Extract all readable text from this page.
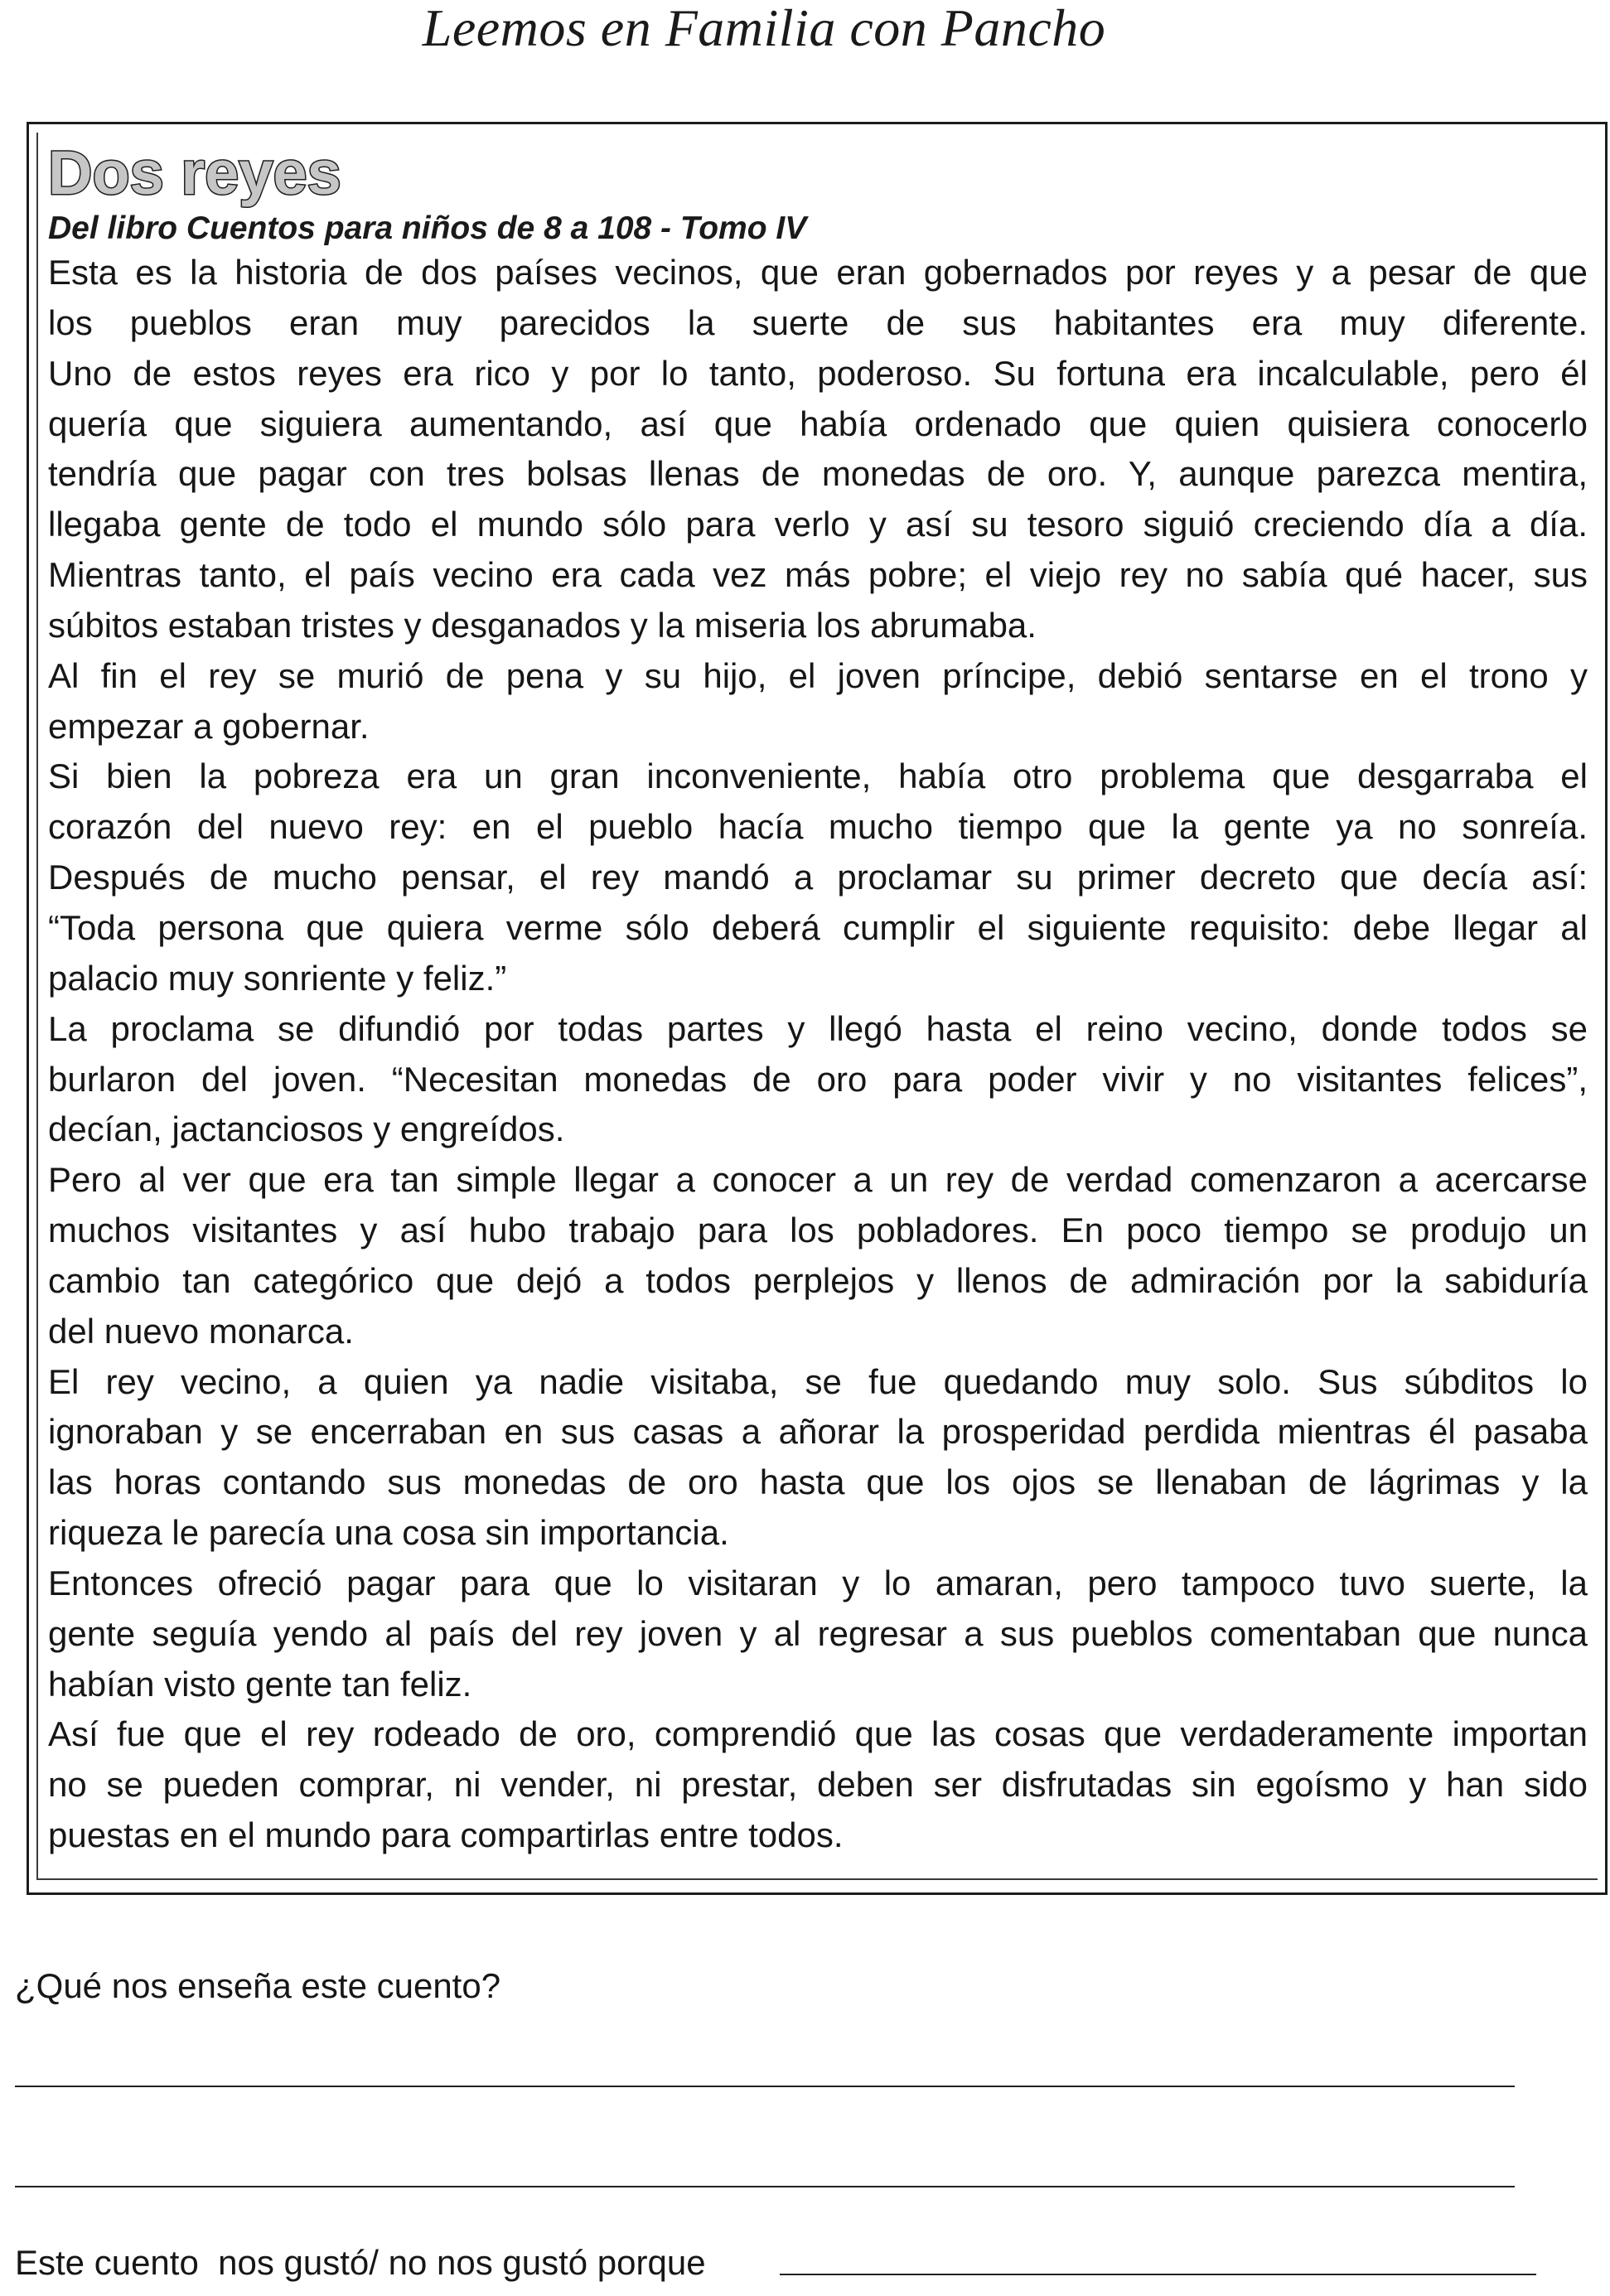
Leemos en Familia con Pancho
Dos reyes
Del libro Cuentos para niños de 8 a 108 - Tomo IV
Esta es la historia de dos países vecinos, que eran gobernados por reyes y a pesar de que
los pueblos eran muy parecidos la suerte de sus habitantes era muy diferente.
Uno de estos reyes era rico y por lo tanto, poderoso. Su fortuna era incalculable, pero él
quería que siguiera aumentando, así que había ordenado que quien quisiera conocerlo
tendría que pagar con tres bolsas llenas de monedas de oro. Y, aunque parezca mentira,
llegaba gente de todo el mundo sólo para verlo y así su tesoro siguió creciendo día a día.
Mientras tanto, el país vecino era cada vez más pobre; el viejo rey no sabía qué hacer, sus
súbitos estaban tristes y desganados y la miseria los abrumaba.
Al fin el rey se murió de pena y su hijo, el joven príncipe, debió sentarse en el trono y
empezar a gobernar.
Si bien la pobreza era un gran inconveniente, había otro problema que desgarraba el
corazón del nuevo rey: en el pueblo hacía mucho tiempo que la gente ya no sonreía.
Después de mucho pensar, el rey mandó a proclamar su primer decreto que decía así:
“Toda persona que quiera verme sólo deberá cumplir el siguiente requisito: debe llegar al
palacio muy sonriente y feliz.”
La proclama se difundió por todas partes y llegó hasta el reino vecino, donde todos se
burlaron del joven. “Necesitan monedas de oro para poder vivir y no visitantes felices”,
decían, jactanciosos y engreídos.
Pero al ver que era tan simple llegar a conocer a un rey de verdad comenzaron a acercarse
muchos visitantes y así hubo trabajo para los pobladores. En poco tiempo se produjo un
cambio tan categórico que dejó a todos perplejos y llenos de admiración por la sabiduría
del nuevo monarca.
El rey vecino, a quien ya nadie visitaba, se fue quedando muy solo. Sus súbditos lo
ignoraban y se encerraban en sus casas a añorar la prosperidad perdida mientras él pasaba
las horas contando sus monedas de oro hasta que los ojos se llenaban de lágrimas y la
riqueza le parecía una cosa sin importancia.
Entonces ofreció pagar para que lo visitaran y lo amaran, pero tampoco tuvo suerte, la
gente seguía yendo al país del rey joven y al regresar a sus pueblos comentaban que nunca
habían visto gente tan feliz.
Así fue que el rey rodeado de oro, comprendió que las cosas que verdaderamente importan
no se pueden comprar, ni vender, ni prestar, deben ser disfrutadas sin egoísmo y han sido
puestas en el mundo para compartirlas entre todos.
¿Qué nos enseña este cuento?
Este cuento  nos gustó/ no nos gustó porque
